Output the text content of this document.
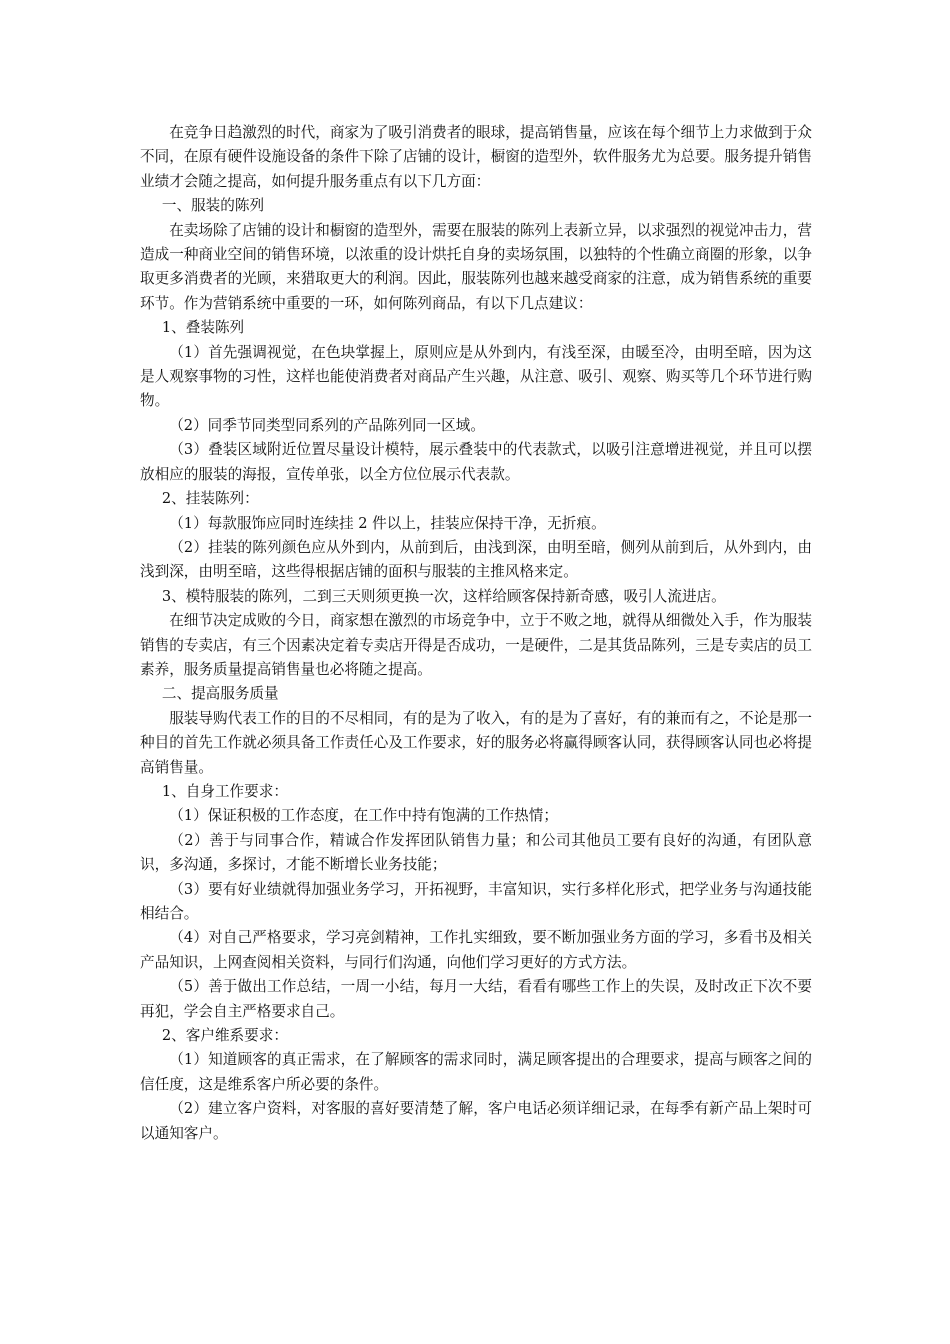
在竞争日趋激烈的时代，商家为了吸引消费者的眼球，提高销售量，应该在每个细节上力求做到于众不同，在原有硬件设施设备的条件下除了店铺的设计，橱窗的造型外，软件服务尤为总要。服务提升销售业绩才会随之提高，如何提升服务重点有以下几方面：

一、服装的陈列

在卖场除了店铺的设计和橱窗的造型外，需要在服装的陈列上表新立异，以求强烈的视觉冲击力，营造成一种商业空间的销售环境，以浓重的设计烘托自身的卖场氛围，以独特的个性确立商圈的形象，以争取更多消费者的光顾，来猎取更大的利润。因此，服装陈列也越来越受商家的注意，成为销售系统的重要环节。作为营销系统中重要的一环，如何陈列商品，有以下几点建议：

1、叠装陈列

（1）首先强调视觉，在色块掌握上，原则应是从外到内，有浅至深，由暖至冷，由明至暗，因为这是人观察事物的习性，这样也能使消费者对商品产生兴趣，从注意、吸引、观察、购买等几个环节进行购物。

（2）同季节同类型同系列的产品陈列同一区域。

（3）叠装区域附近位置尽量设计模特，展示叠装中的代表款式，以吸引注意增进视觉，并且可以摆放相应的服装的海报，宣传单张，以全方位位展示代表款。

2、挂装陈列：

（1）每款服饰应同时连续挂 2 件以上，挂装应保持干净，无折痕。

（2）挂装的陈列颜色应从外到内，从前到后，由浅到深，由明至暗，侧列从前到后，从外到内，由浅到深，由明至暗，这些得根据店铺的面积与服装的主推风格来定。

3、模特服装的陈列，二到三天则须更换一次，这样给顾客保持新奇感，吸引人流进店。

在细节决定成败的今日，商家想在激烈的市场竞争中，立于不败之地，就得从细微处入手，作为服装销售的专卖店，有三个因素决定着专卖店开得是否成功，一是硬件，二是其货品陈列，三是专卖店的员工素养，服务质量提高销售量也必将随之提高。

二、提高服务质量

服装导购代表工作的目的不尽相同，有的是为了收入，有的是为了喜好，有的兼而有之，不论是那一种目的首先工作就必须具备工作责任心及工作要求，好的服务必将赢得顾客认同，获得顾客认同也必将提高销售量。

1、自身工作要求：

（1）保证积极的工作态度，在工作中持有饱满的工作热情；

（2）善于与同事合作，精诚合作发挥团队销售力量；和公司其他员工要有良好的沟通，有团队意识，多沟通，多探讨，才能不断增长业务技能；

（3）要有好业绩就得加强业务学习，开拓视野，丰富知识，实行多样化形式，把学业务与沟通技能相结合。

（4）对自己严格要求，学习亮剑精神，工作扎实细致，要不断加强业务方面的学习，多看书及相关产品知识，上网查阅相关资料，与同行们沟通，向他们学习更好的方式方法。

（5）善于做出工作总结，一周一小结，每月一大结，看看有哪些工作上的失误，及时改正下次不要再犯，学会自主严格要求自己。

2、客户维系要求：

（1）知道顾客的真正需求，在了解顾客的需求同时，满足顾客提出的合理要求，提高与顾客之间的信任度，这是维系客户所必要的条件。

（2）建立客户资料，对客服的喜好要清楚了解，客户电话必须详细记录，在每季有新产品上架时可以通知客户。
